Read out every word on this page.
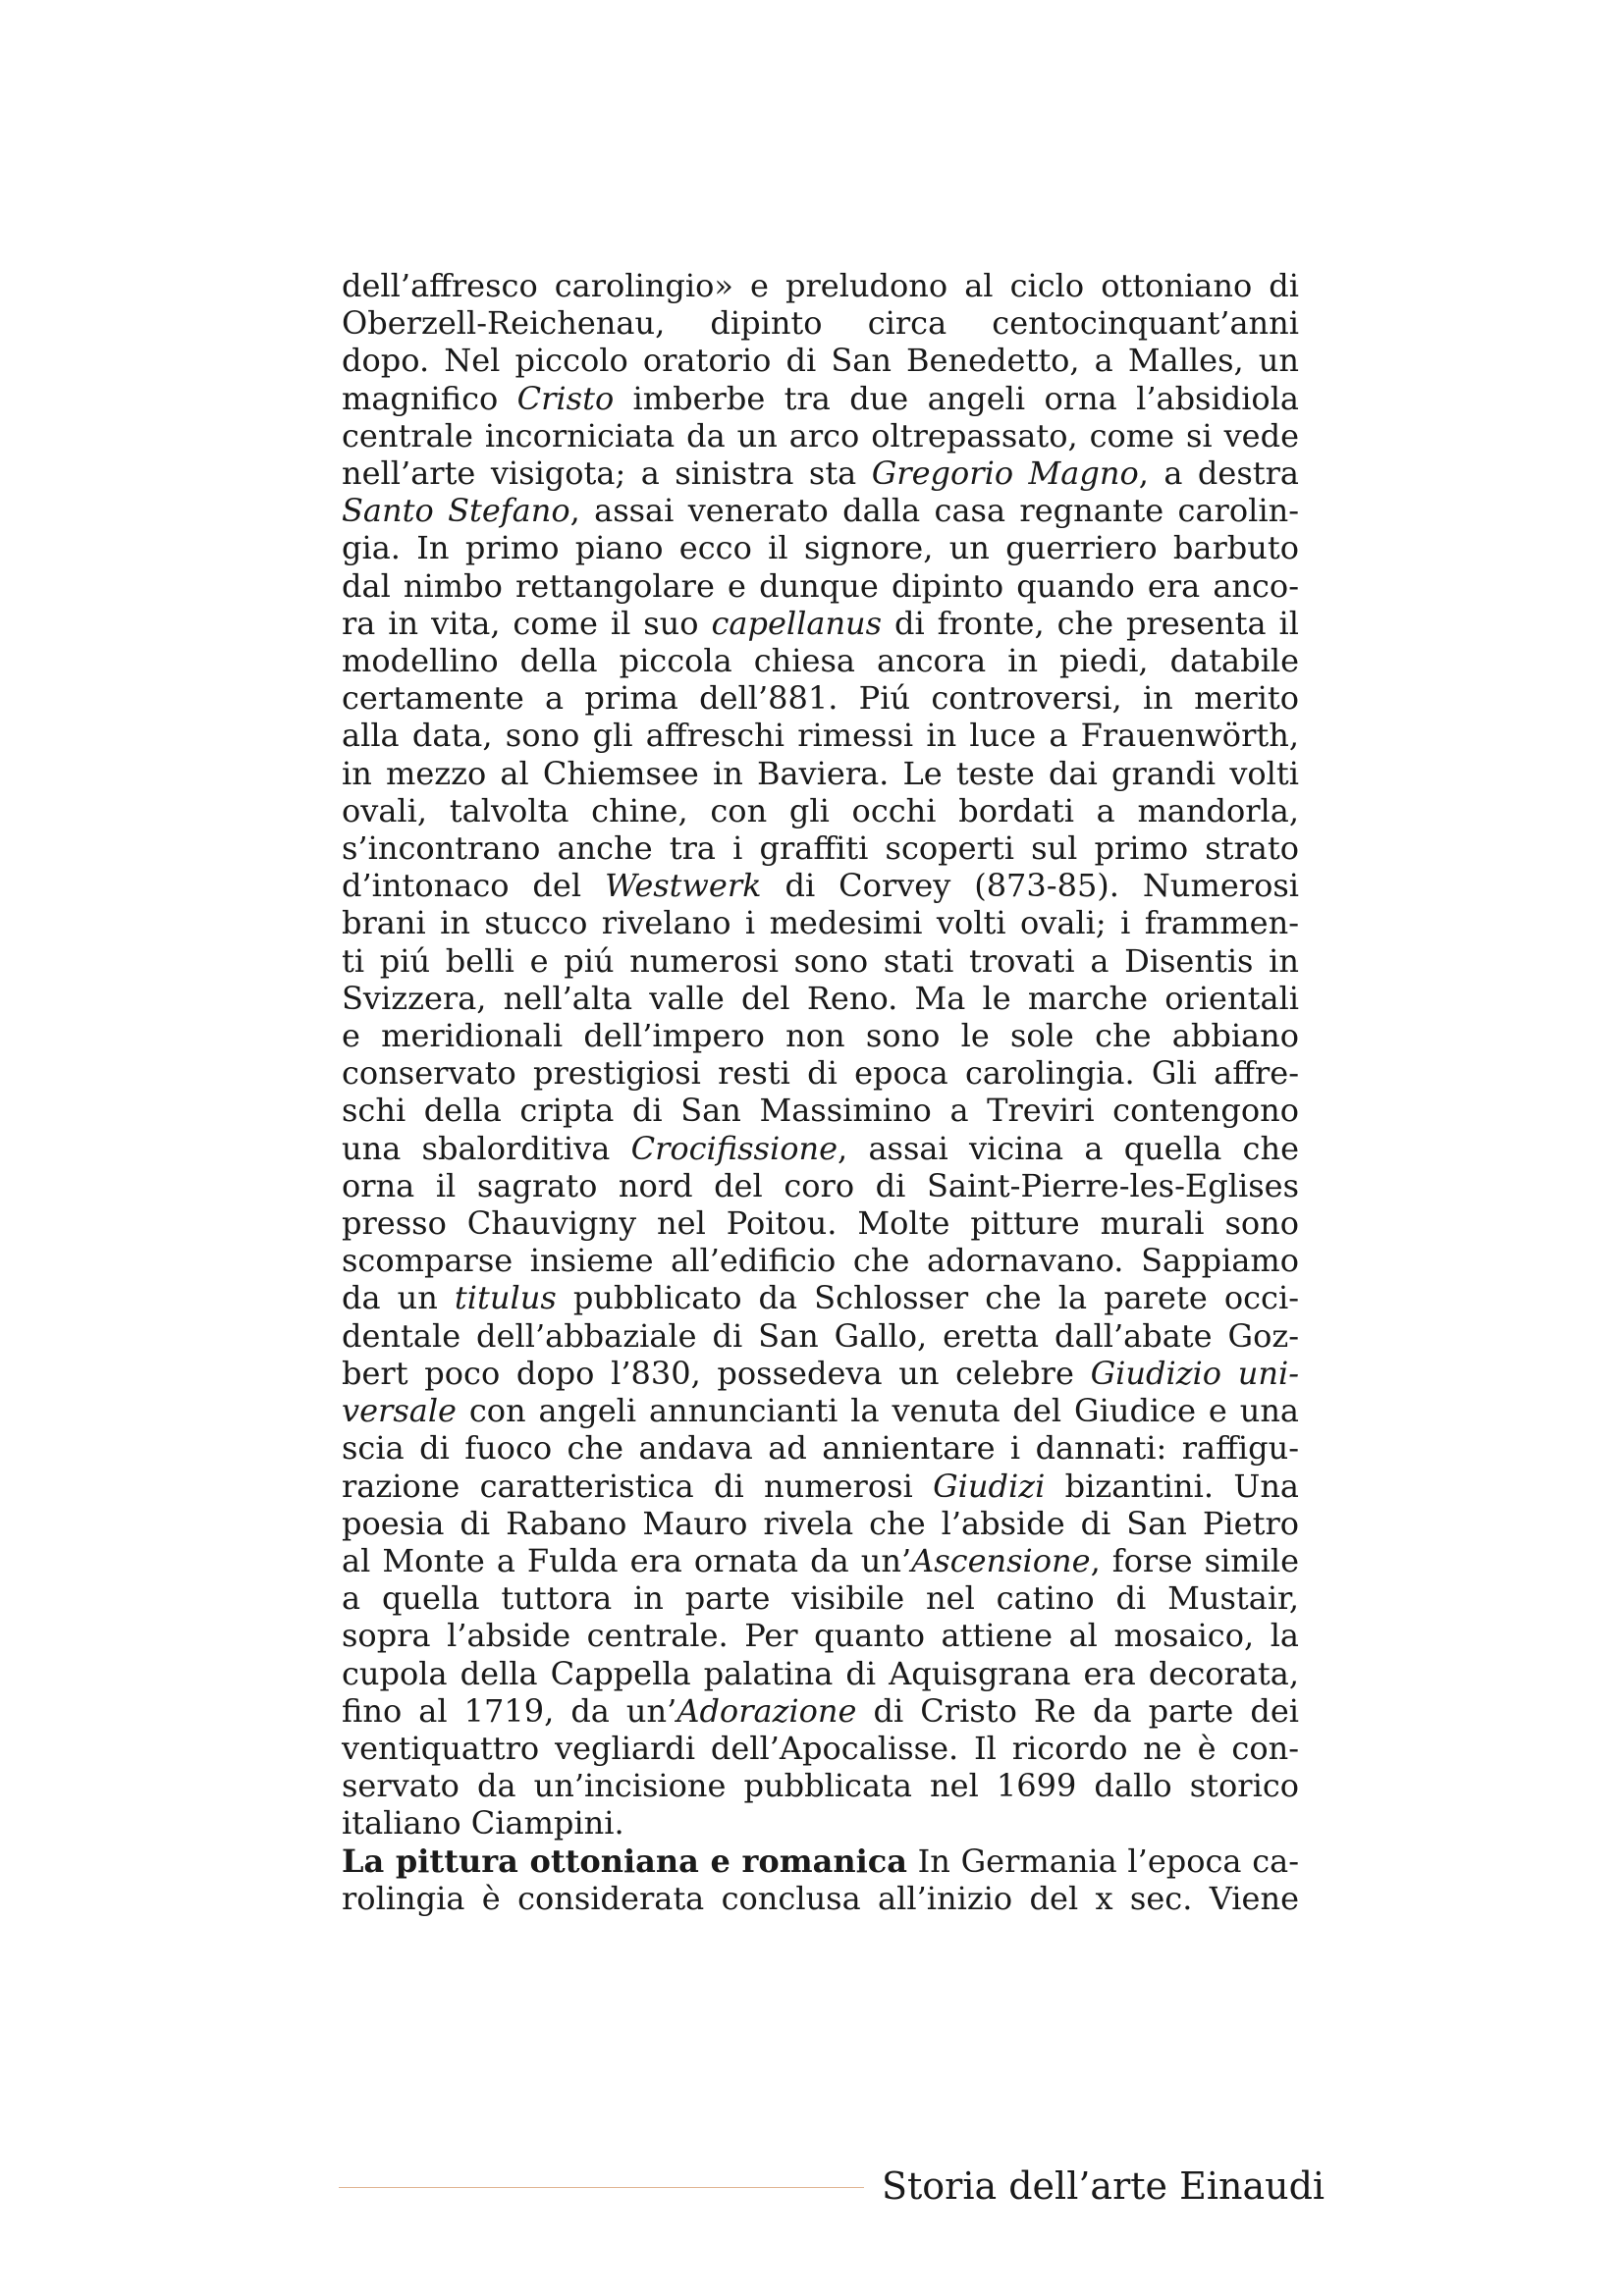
dell’affresco carolingio» e preludono al ciclo ottoniano di
Oberzell-Reichenau, dipinto circa centocinquant’anni
dopo. Nel piccolo oratorio di San Benedetto, a Malles, un
magnifico Cristo imberbe tra due angeli orna l’absidiola
centrale incorniciata da un arco oltrepassato, come si vede
nell’arte visigota; a sinistra sta Gregorio Magno, a destra
Santo Stefano, assai venerato dalla casa regnante carolin-
gia. In primo piano ecco il signore, un guerriero barbuto
dal nimbo rettangolare e dunque dipinto quando era anco-
ra in vita, come il suo capellanus di fronte, che presenta il
modellino della piccola chiesa ancora in piedi, databile
certamente a prima dell’881. Piú controversi, in merito
alla data, sono gli affreschi rimessi in luce a Frauenwörth,
in mezzo al Chiemsee in Baviera. Le teste dai grandi volti
ovali, talvolta chine, con gli occhi bordati a mandorla,
s’incontrano anche tra i graffiti scoperti sul primo strato
d’intonaco del Westwerk di Corvey (873-85). Numerosi
brani in stucco rivelano i medesimi volti ovali; i frammen-
ti piú belli e piú numerosi sono stati trovati a Disentis in
Svizzera, nell’alta valle del Reno. Ma le marche orientali
e meridionali dell’impero non sono le sole che abbiano
conservato prestigiosi resti di epoca carolingia. Gli affre-
schi della cripta di San Massimino a Treviri contengono
una sbalorditiva Crocifissione, assai vicina a quella che
orna il sagrato nord del coro di Saint-Pierre-les-Eglises
presso Chauvigny nel Poitou. Molte pitture murali sono
scomparse insieme all’edificio che adornavano. Sappiamo
da un titulus pubblicato da Schlosser che la parete occi-
dentale dell’abbaziale di San Gallo, eretta dall’abate Goz-
bert poco dopo l’830, possedeva un celebre Giudizio uni-
versale con angeli annuncianti la venuta del Giudice e una
scia di fuoco che andava ad annientare i dannati: raffigu-
razione caratteristica di numerosi Giudizi bizantini. Una
poesia di Rabano Mauro rivela che l’abside di San Pietro
al Monte a Fulda era ornata da un’Ascensione, forse simile
a quella tuttora in parte visibile nel catino di Mustair,
sopra l’abside centrale. Per quanto attiene al mosaico, la
cupola della Cappella palatina di Aquisgrana era decorata,
fino al 1719, da un’Adorazione di Cristo Re da parte dei
ventiquattro vegliardi dell’Apocalisse. Il ricordo ne è con-
servato da un’incisione pubblicata nel 1699 dallo storico
italiano Ciampini.
La pittura ottoniana e romanica In Germania l’epoca ca-
rolingia è considerata conclusa all’inizio del x sec. Viene
Storia dell’arte Einaudi
